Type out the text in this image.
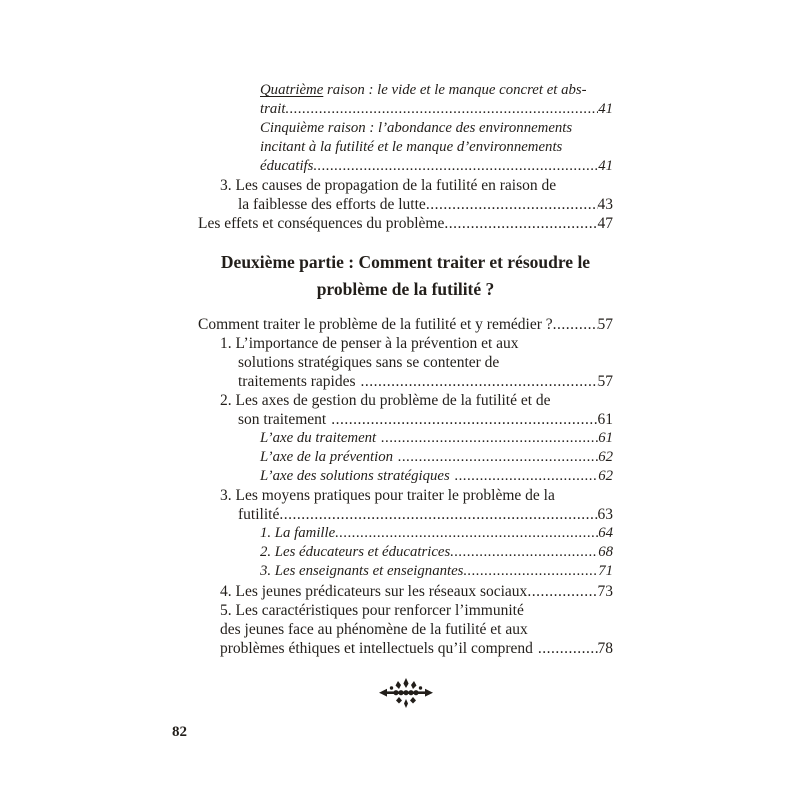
Quatrième raison : le vide et le manque concret et abs-
trait .....	41
Cinquième raison : l’abondance des environnements
incitant à la futilité et le manque d’environnements
éducatifs .....	41
3. Les causes de propagation de la futilité en raison de
la faiblesse des efforts de lutte .....	43
Les effets et conséquences du problème .....	47
Deuxième partie : Comment traiter et résoudre le
problème de la futilité ?
Comment traiter le problème de la futilité et y remédier ? .....	57
1. L’importance de penser à la prévention et aux
solutions stratégiques sans se contenter de
traitements rapides .....	57
2. Les axes de gestion du problème de la futilité et de
son traitement .....	61
L’axe du traitement .....	61
L’axe de la prévention .....	62
L’axe des solutions stratégiques .....	62
3. Les moyens pratiques pour traiter le problème de la
futilité .....	63
1. La famille .....	64
2. Les éducateurs et éducatrices .....	68
3. Les enseignants et enseignantes .....	71
4. Les jeunes prédicateurs sur les réseaux sociaux .....	73
5. Les caractéristiques pour renforcer l’immunité
des jeunes face au phénomène de la futilité et aux
problèmes éthiques et intellectuels qu’il comprend .....	78
82
